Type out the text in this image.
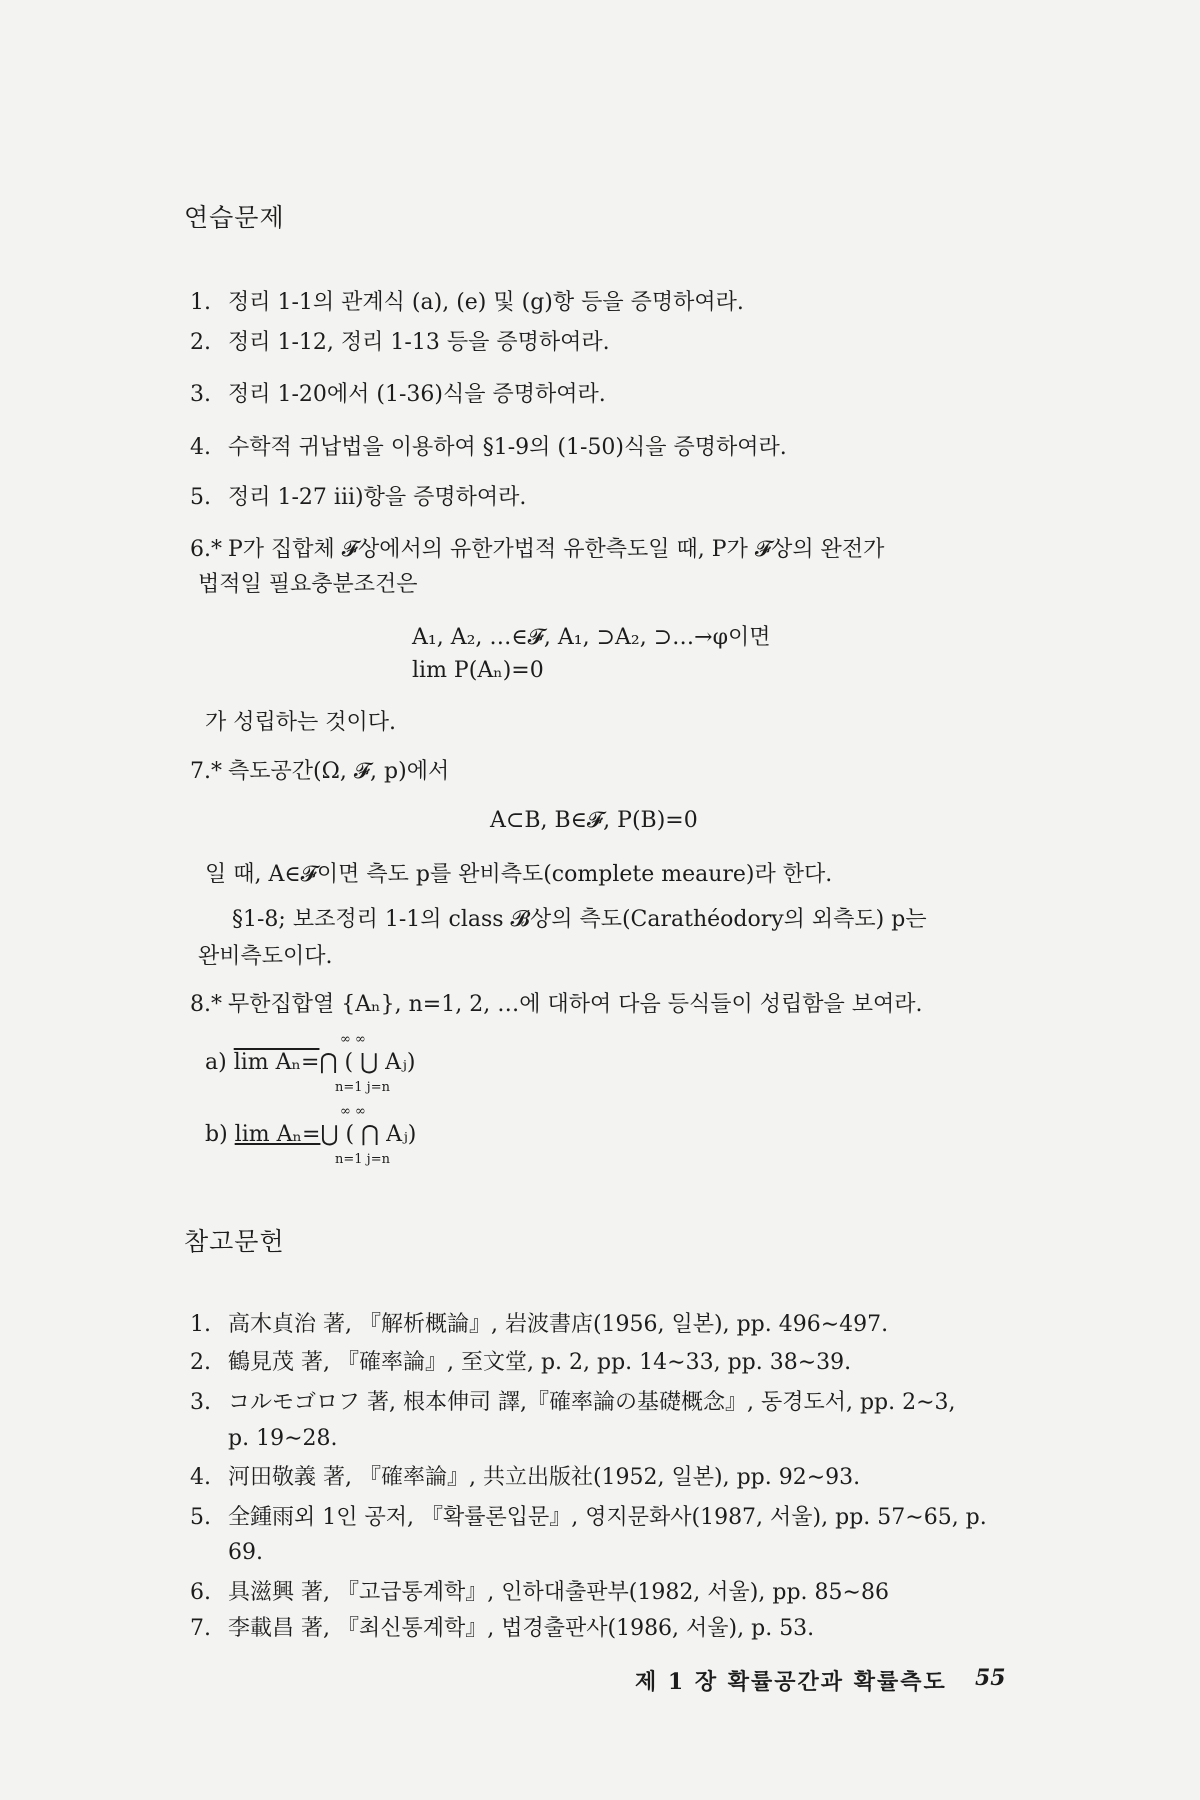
연습문제
1. 정리 1-1의 관계식 (a), (e) 및 (g)항 등을 증명하여라.
2. 정리 1-12, 정리 1-13 등을 증명하여라.
3. 정리 1-20에서 (1-36)식을 증명하여라.
4. 수학적 귀납법을 이용하여 §1-9의 (1-50)식을 증명하여라.
5. 정리 1-27 iii)항을 증명하여라.
6.* P가 집합체 𝓕상에서의 유한가법적 유한측도일 때, P가 𝓕상의 완전가
법적일 필요충분조건은
A₁, A₂, …∈𝓕, A₁, ⊃A₂, ⊃…→φ이면
lim P(Aₙ)=0
가 성립하는 것이다.
7.* 측도공간(Ω, 𝓕, p)에서
A⊂B, B∈𝓕, P(B)=0
일 때, A∈𝓕이면 측도 p를 완비측도(complete meaure)라 한다.
§1-8; 보조정리 1-1의 class 𝓑상의 측도(Carathéodory의 외측도) p는
완비측도이다.
8.* 무한집합열 {Aₙ}, n=1, 2, …에 대하여 다음 등식들이 성립함을 보여라.
a) lim Aₙ=⋂ ( ⋃ Aⱼ)
∞ ∞
n=1 j=n
b) lim Aₙ=⋃ ( ⋂ Aⱼ)
∞ ∞
n=1 j=n
참고문헌
1. 高木貞治 著, 『解析概論』, 岩波書店(1956, 일본), pp. 496∼497.
2. 鶴見茂 著, 『確率論』, 至文堂, p. 2, pp. 14∼33, pp. 38∼39.
3. コルモゴロフ 著, 根本伸司 譯,『確率論の基礎概念』, 동경도서, pp. 2∼3,
p. 19∼28.
4. 河田敬義 著, 『確率論』, 共立出版社(1952, 일본), pp. 92∼93.
5. 全鍾雨외 1인 공저, 『확률론입문』, 영지문화사(1987, 서울), pp. 57∼65, p.
69.
6. 具滋興 著, 『고급통계학』, 인하대출판부(1982, 서울), pp. 85∼86
7. 李載昌 著, 『최신통계학』, 법경출판사(1986, 서울), p. 53.
제 1 장 확률공간과 확률측도 55
